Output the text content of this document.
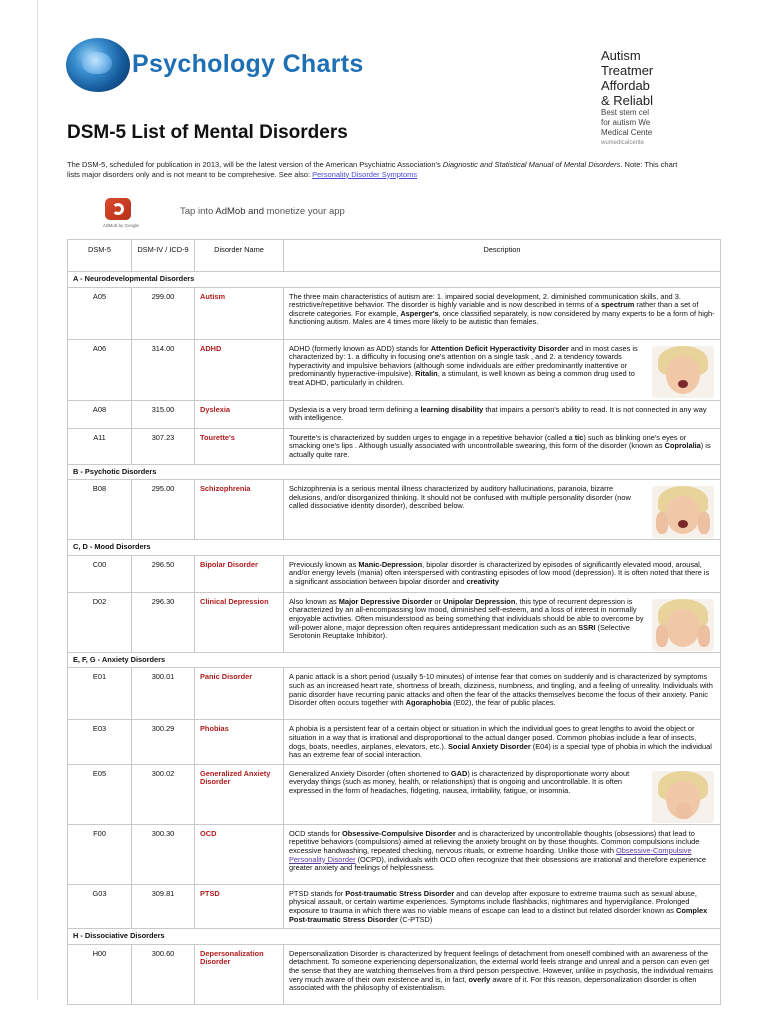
Psychology Charts	Autism
Treatmer
Affordab
& Reliabl
Best stem cel
for autism We
Medical Cente
wumedicalcente
DSM-5 List of Mental Disorders
The DSM-5, scheduled for publication in 2013, will be the latest version of the American Psychiatric Association's Diagnostic and Statistical Manual of Mental Disorders. Note: This chart lists major disorders only and is not meant to be comprehesive. See also: Personality Disorder Symptoms
AdMob by Google
Tap into AdMob and monetize your app
DSM-5	DSM-IV / ICD-9	Disorder Name	Description
A - Neurodevelopmental Disorders			
A05	299.00	Autism	The three main characteristics of autism are: 1. impaired social development, 2. diminished communication skills, and 3. restrictive/repetitive behavior. The disorder is highly variable and is now described in terms of a spectrum rather than a set of discrete categories. For example, Asperger's, once classified separately, is now considered by many experts to be a form of high-functioning autism. Males are 4 times more likely to be autistic than females.
A06	314.00	ADHD	ADHD (formerly known as ADD) stands for Attention Deficit Hyperactivity Disorder and in most cases is characterized by: 1. a difficulty in focusing one's attention on a single task , and 2. a tendency towards hyperactivity and impulsive behaviors (although some individuals are either predominantly inattentive or predominantly hyperactive-impulsive). Ritalin, a stimulant, is well known as being a common drug used to treat ADHD, particularly in children.

A08	315.00	Dyslexia	Dyslexia is a very broad term defining a learning disability that impairs a person's ability to read. It is not connected in any way with intelligence.
A11	307.23	Tourette's	Tourette's is characterized by sudden urges to engage in a repetitive behavior (called a tic) such as blinking one's eyes or smacking one's lips . Although usually associated with uncontrollable swearing, this form of the disorder (known as Coprolalia) is actually quite rare.
B - Psychotic Disorders			
B08	295.00	Schizophrenia	Schizophrenia is a serious mental illness characterized by auditory hallucinations, paranoia, bizarre delusions, and/or disorganized thinking. It should not be confused with multiple personality disorder (now called dissociative identity disorder), described below.

C, D - Mood Disorders			
C00	296.50	Bipolar Disorder	Previously known as Manic-Depression, bipolar disorder is characterized by episodes of significantly elevated mood, arousal, and/or energy levels (mania) often interspersed with contrasting episodes of low mood (depression). It is often noted that there is a significant association between bipolar disorder and creativity
D02	296.30	Clinical Depression	Also known as Major Depressive Disorder or Unipolar Depression, this type of recurrent depression is characterized by an all-encompassing low mood, diminished self-esteem, and a loss of interest in normally enjoyable activities. Often misunderstood as being something that individuals should be able to overcome by will-power alone, major depression often requires antidepressant medication such as an SSRI (Selective Serotonin Reuptake Inhibitor).

E, F, G - Anxiety Disorders			
E01	300.01	Panic Disorder	A panic attack is a short period (usually 5-10 minutes) of intense fear that comes on suddenly and is characterized by symptoms such as an increased heart rate, shortness of breath, dizziness, numbness, and tingling, and a feeling of unreality. Individuals with panic disorder have recurring panic attacks and often the fear of the attacks themselves become the focus of their anxiety. Panic Disorder often occurs together with Agoraphobia (E02), the fear of public places.
E03	300.29	Phobias	A phobia is a persistent fear of a certain object or situation in which the individual goes to great lengths to avoid the object or situation in a way that is irrational and disproportional to the actual danger posed. Common phobias include a fear of insects, dogs, boats, needles, airplanes, elevators, etc.). Social Anxiety Disorder (E04) is a special type of phobia in which the individual has an extreme fear of social interaction.
E05	300.02	Generalized Anxiety Disorder	Generalized Anxiety Disorder (often shortened to GAD) is characterized by disproportionate worry about everyday things (such as money, health, or relationships) that is ongoing and uncontrollable. It is often expressed in the form of headaches, fidgeting, nausea, irritability, fatigue, or insomnia.

F00	300.30	OCD	OCD stands for Obsessive-Compulsive Disorder and is characterized by uncontrollable thoughts (obsessions) that lead to repetitive behaviors (compulsions) aimed at relieving the anxiety brought on by those thoughts. Common compulsions include excessive handwashing, repeated checking, nervous rituals, or extreme hoarding. Unlike those with Obsessive-Compulsive Personality Disorder (OCPD), individuals with OCD often recognize that their obsessions are irrational and therefore experience greater anxiety and feelings of helplessness.
G03	309.81	PTSD	PTSD stands for Post-traumatic Stress Disorder and can develop after exposure to extreme trauma such as sexual abuse, physical assault, or certain wartime experiences. Symptoms include flashbacks, nightmares and hypervigilance. Prolonged exposure to trauma in which there was no viable means of escape can lead to a distinct but related disorder known as Complex Post-traumatic Stress Disorder (C-PTSD)
H - Dissociative Disorders			
H00	300.60	Depersonalization Disorder	Depersonalization Disorder is characterized by frequent feelings of detachment from oneself combined with an awareness of the detachment. To someone experiencing depersonalization, the external world feels strange and unreal and a person can even get the sense that they are watching themselves from a third person perspective. However, unlike in psychosis, the individual remains very much aware of their own existence and is, in fact, overly aware of it. For this reason, depersonalization disorder is often associated with the philosophy of existentialism.
